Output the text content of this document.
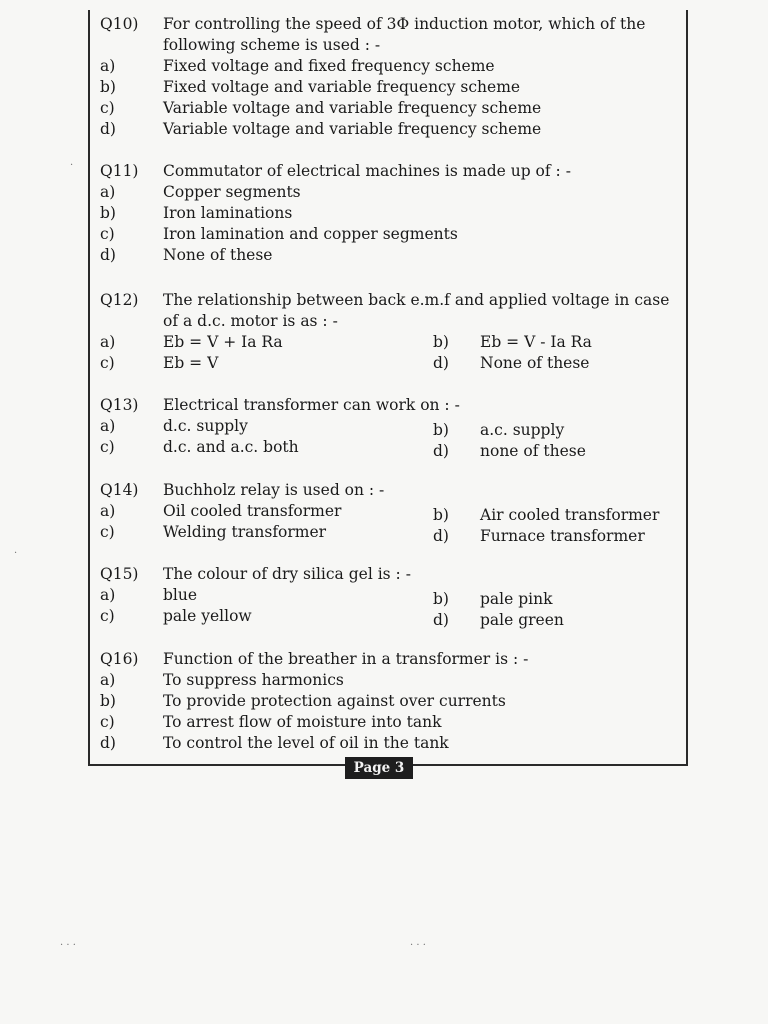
Q10)	For controlling the speed of 3Φ induction motor, which of the following scheme is used : -
a)	Fixed voltage and fixed frequency scheme
b)	Fixed voltage and variable frequency scheme
c)	Variable voltage and variable frequency scheme
d)	Variable voltage and variable frequency scheme
Q11)	Commutator of electrical machines is made up of : -
a)	Copper segments
b)	Iron laminations
c)	Iron lamination and copper segments
d)	None of these
Q12)	The relationship between back e.m.f and applied voltage in case of a d.c. motor is as : -
a)	Eb = V + Ia Ra	b)	Eb = V - Ia Ra
c)	Eb = V	d)	None of these
Q13)	Electrical transformer can work on : -
a)	d.c. supply	b)	a.c. supply
c)	d.c. and a.c. both	d)	none of these
Q14)	Buchholz relay is used on : -
a)	Oil cooled transformer	b)	Air cooled transformer
c)	Welding transformer	d)	Furnace transformer
Q15)	The colour of dry silica gel is : -
a)	blue	b)	pale pink
c)	pale yellow	d)	pale green
Q16)	Function of the breather in a transformer is : -
a)	To suppress harmonics
b)	To provide protection against over currents
c)	To arrest flow of moisture into tank
d)	To control the level of oil in the tank
Page 3
·
·
· · ·	· · ·
